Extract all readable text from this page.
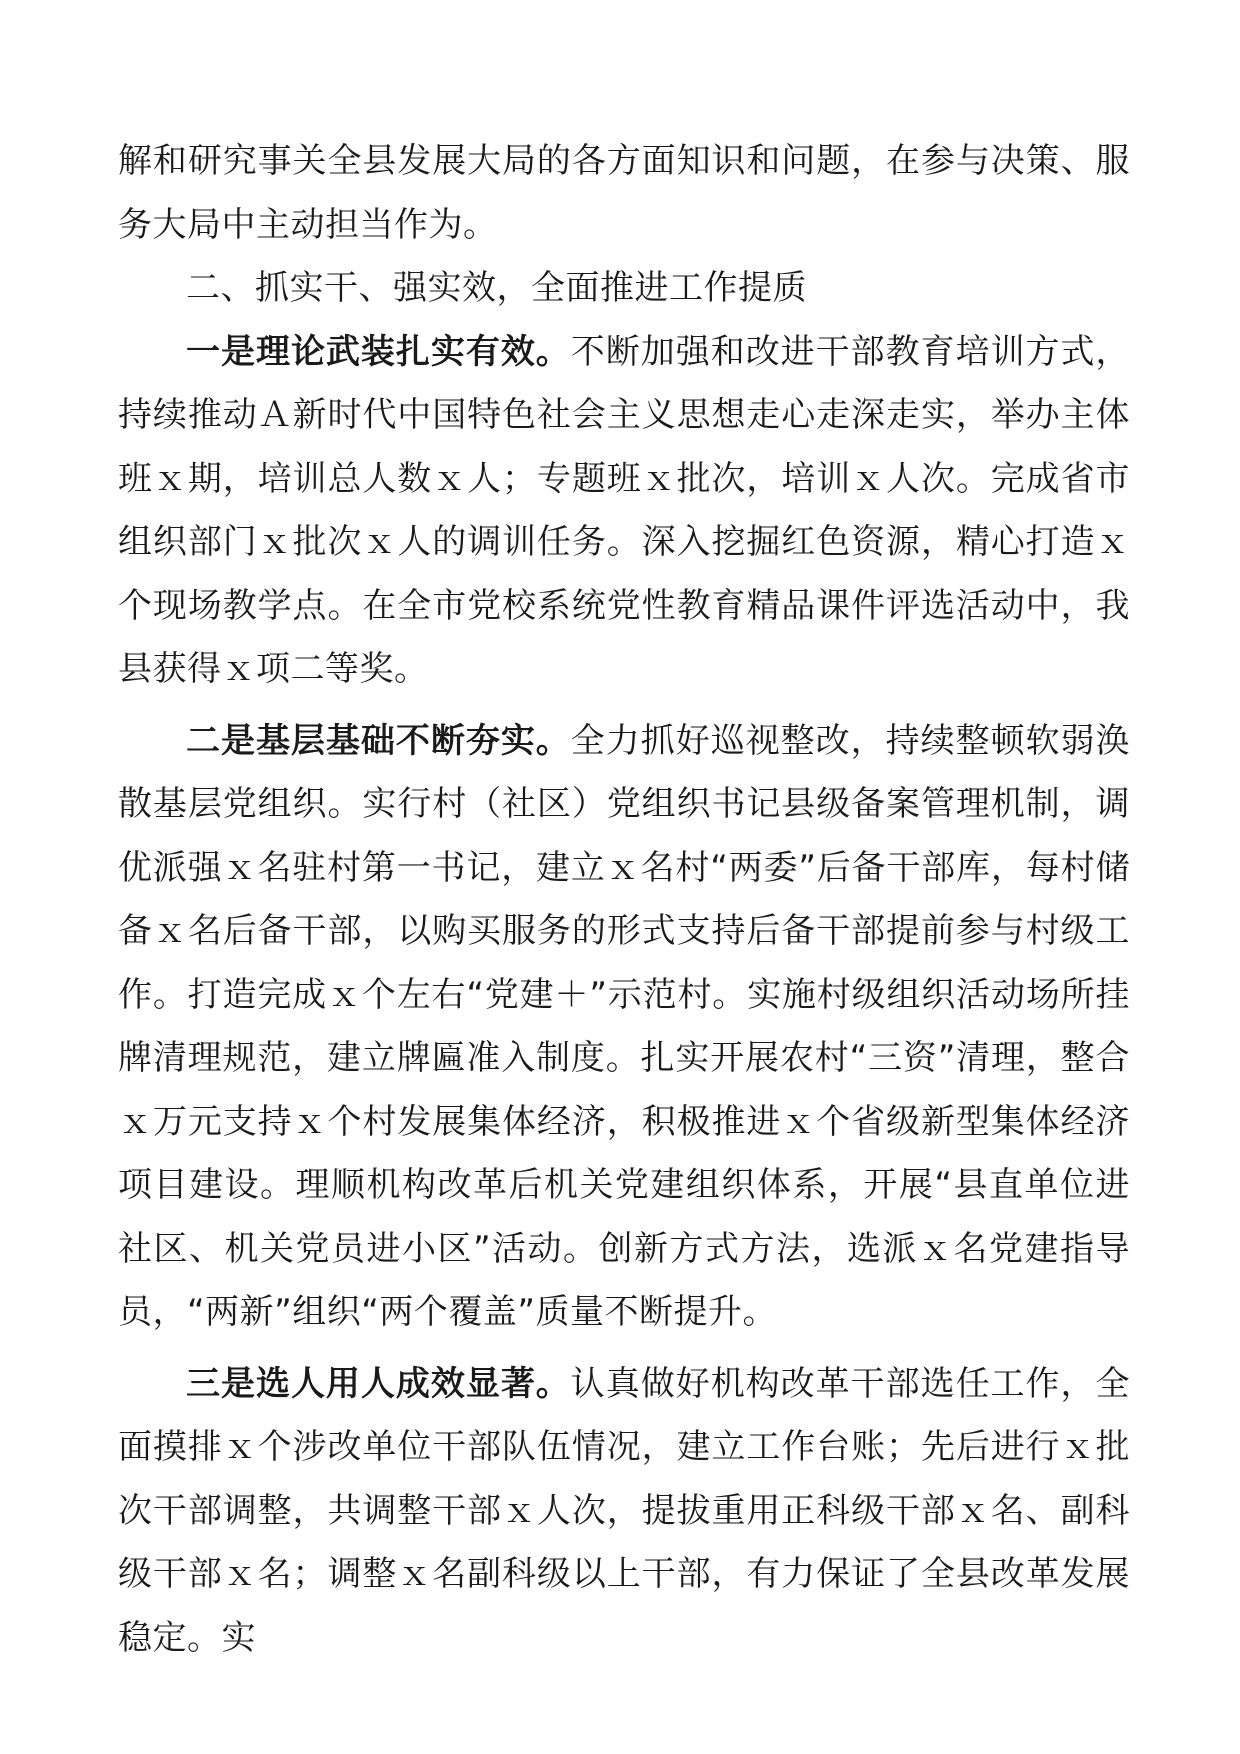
解和研究事关全县发展大局的各方面知识和问题，在参与决策、服务大局中主动担当作为。

二、抓实干、强实效，全面推进工作提质

一是理论武装扎实有效。不断加强和改进干部教育培训方式，持续推动Ａ新时代中国特色社会主义思想走心走深走实，举办主体班ｘ期，培训总人数ｘ人；专题班ｘ批次，培训ｘ人次。完成省市组织部门ｘ批次ｘ人的调训任务。深入挖掘红色资源，精心打造ｘ个现场教学点。在全市党校系统党性教育精品课件评选活动中，我县获得ｘ项二等奖。

二是基层基础不断夯实。全力抓好巡视整改，持续整顿软弱涣散基层党组织。实行村（社区）党组织书记县级备案管理机制，调优派强ｘ名驻村第一书记，建立ｘ名村“两委”后备干部库，每村储备ｘ名后备干部，以购买服务的形式支持后备干部提前参与村级工作。打造完成ｘ个左右“党建＋”示范村。实施村级组织活动场所挂牌清理规范，建立牌匾准入制度。扎实开展农村“三资”清理，整合ｘ万元支持ｘ个村发展集体经济，积极推进ｘ个省级新型集体经济项目建设。理顺机构改革后机关党建组织体系，开展“县直单位进社区、机关党员进小区”活动。创新方式方法，选派ｘ名党建指导员，“两新”组织“两个覆盖”质量不断提升。

三是选人用人成效显著。认真做好机构改革干部选任工作，全面摸排ｘ个涉改单位干部队伍情况，建立工作台账；先后进行ｘ批次干部调整，共调整干部ｘ人次，提拔重用正科级干部ｘ名、副科级干部ｘ名；调整ｘ名副科级以上干部，有力保证了全县改革发展稳定。实
